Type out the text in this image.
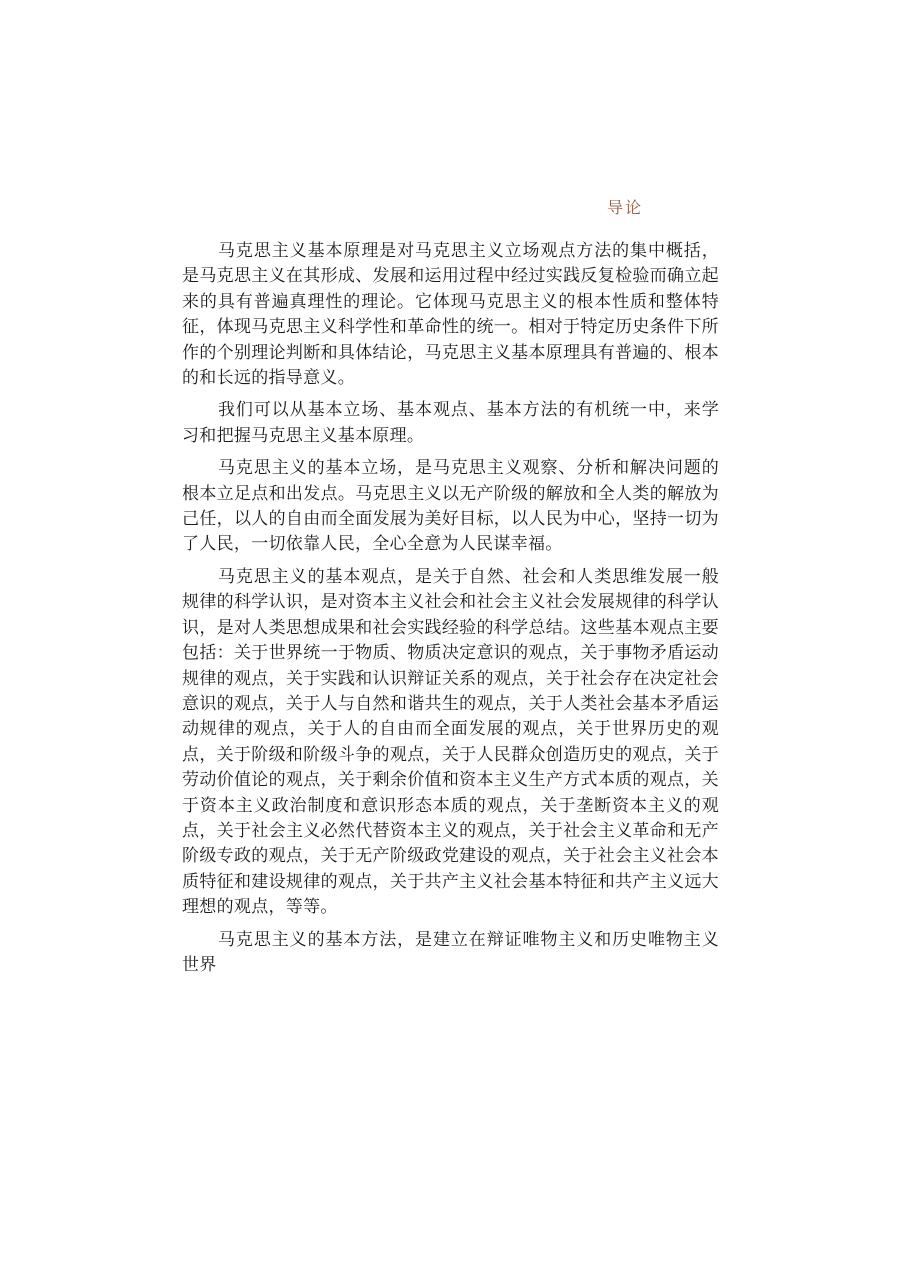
导论

马克思主义基本原理是对马克思主义立场观点方法的集中概括，是马克思主义在其形成、发展和运用过程中经过实践反复检验而确立起来的具有普遍真理性的理论。它体现马克思主义的根本性质和整体特征，体现马克思主义科学性和革命性的统一。相对于特定历史条件下所作的个别理论判断和具体结论，马克思主义基本原理具有普遍的、根本的和长远的指导意义。

我们可以从基本立场、基本观点、基本方法的有机统一中，来学习和把握马克思主义基本原理。

马克思主义的基本立场，是马克思主义观察、分析和解决问题的根本立足点和出发点。马克思主义以无产阶级的解放和全人类的解放为己任，以人的自由而全面发展为美好目标，以人民为中心，坚持一切为了人民，一切依靠人民，全心全意为人民谋幸福。

马克思主义的基本观点，是关于自然、社会和人类思维发展一般规律的科学认识，是对资本主义社会和社会主义社会发展规律的科学认识，是对人类思想成果和社会实践经验的科学总结。这些基本观点主要包括：关于世界统一于物质、物质决定意识的观点，关于事物矛盾运动规律的观点，关于实践和认识辩证关系的观点，关于社会存在决定社会意识的观点，关于人与自然和谐共生的观点，关于人类社会基本矛盾运动规律的观点，关于人的自由而全面发展的观点，关于世界历史的观点，关于阶级和阶级斗争的观点，关于人民群众创造历史的观点，关于劳动价值论的观点，关于剩余价值和资本主义生产方式本质的观点，关于资本主义政治制度和意识形态本质的观点，关于垄断资本主义的观点，关于社会主义必然代替资本主义的观点，关于社会主义革命和无产阶级专政的观点，关于无产阶级政党建设的观点，关于社会主义社会本质特征和建设规律的观点，关于共产主义社会基本特征和共产主义远大理想的观点，等等。

马克思主义的基本方法，是建立在辩证唯物主义和历史唯物主义世界
